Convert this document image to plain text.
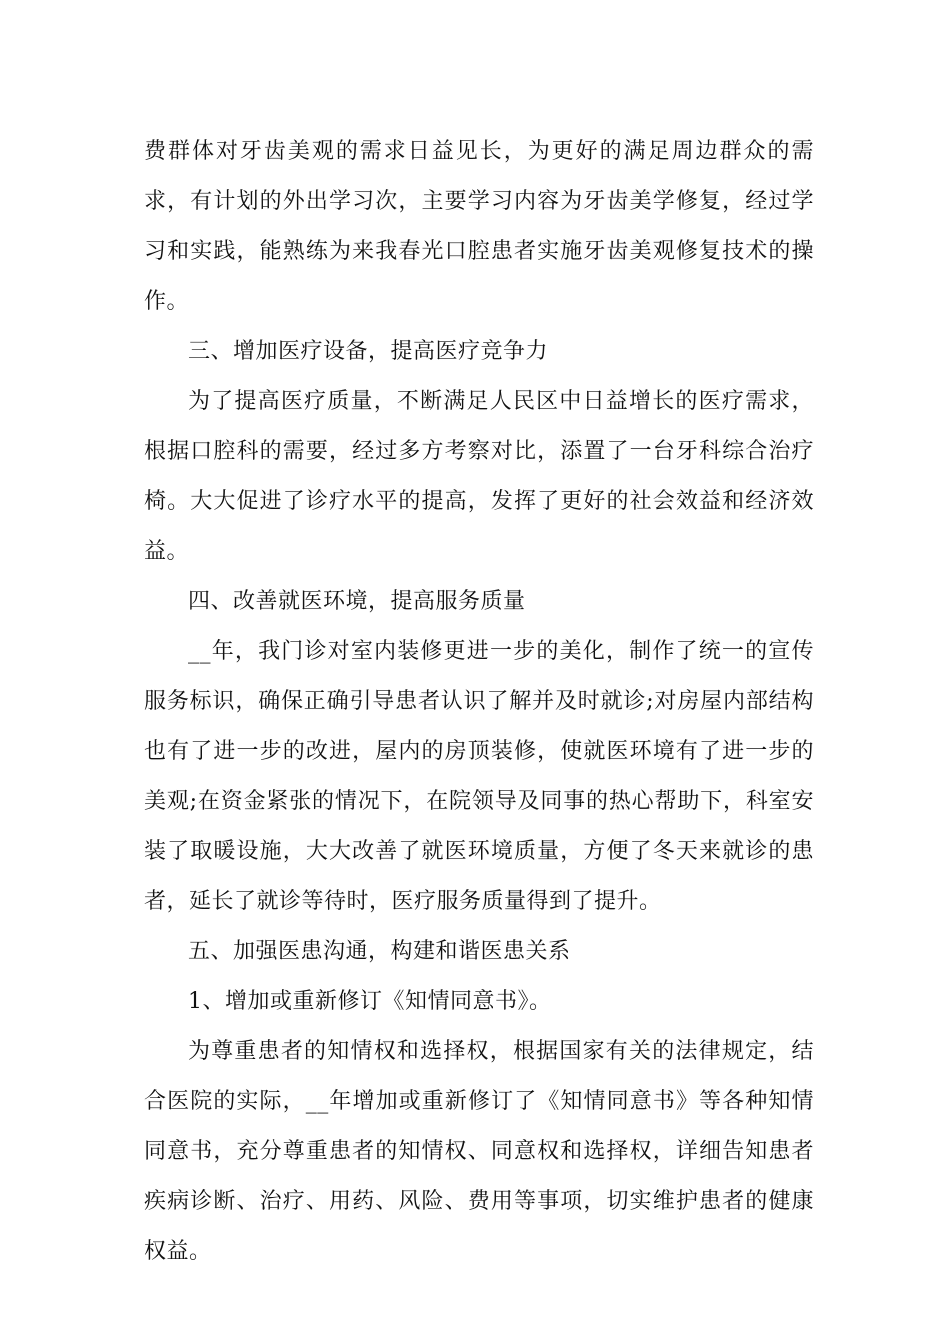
费群体对牙齿美观的需求日益见长，为更好的满足周边群众的需求，有计划的外出学习次，主要学习内容为牙齿美学修复，经过学习和实践，能熟练为来我春光口腔患者实施牙齿美观修复技术的操作。

三、增加医疗设备，提高医疗竞争力

为了提高医疗质量，不断满足人民区中日益增长的医疗需求，根据口腔科的需要，经过多方考察对比，添置了一台牙科综合治疗椅。大大促进了诊疗水平的提高，发挥了更好的社会效益和经济效益。

四、改善就医环境，提高服务质量

__年，我门诊对室内装修更进一步的美化，制作了统一的宣传服务标识，确保正确引导患者认识了解并及时就诊;对房屋内部结构也有了进一步的改进，屋内的房顶装修，使就医环境有了进一步的美观;在资金紧张的情况下，在院领导及同事的热心帮助下，科室安装了取暖设施，大大改善了就医环境质量，方便了冬天来就诊的患者，延长了就诊等待时，医疗服务质量得到了提升。

五、加强医患沟通，构建和谐医患关系

1、增加或重新修订《知情同意书》。

为尊重患者的知情权和选择权，根据国家有关的法律规定，结合医院的实际，__年增加或重新修订了《知情同意书》等各种知情同意书，充分尊重患者的知情权、同意权和选择权，详细告知患者疾病诊断、治疗、用药、风险、费用等事项，切实维护患者的健康权益。
